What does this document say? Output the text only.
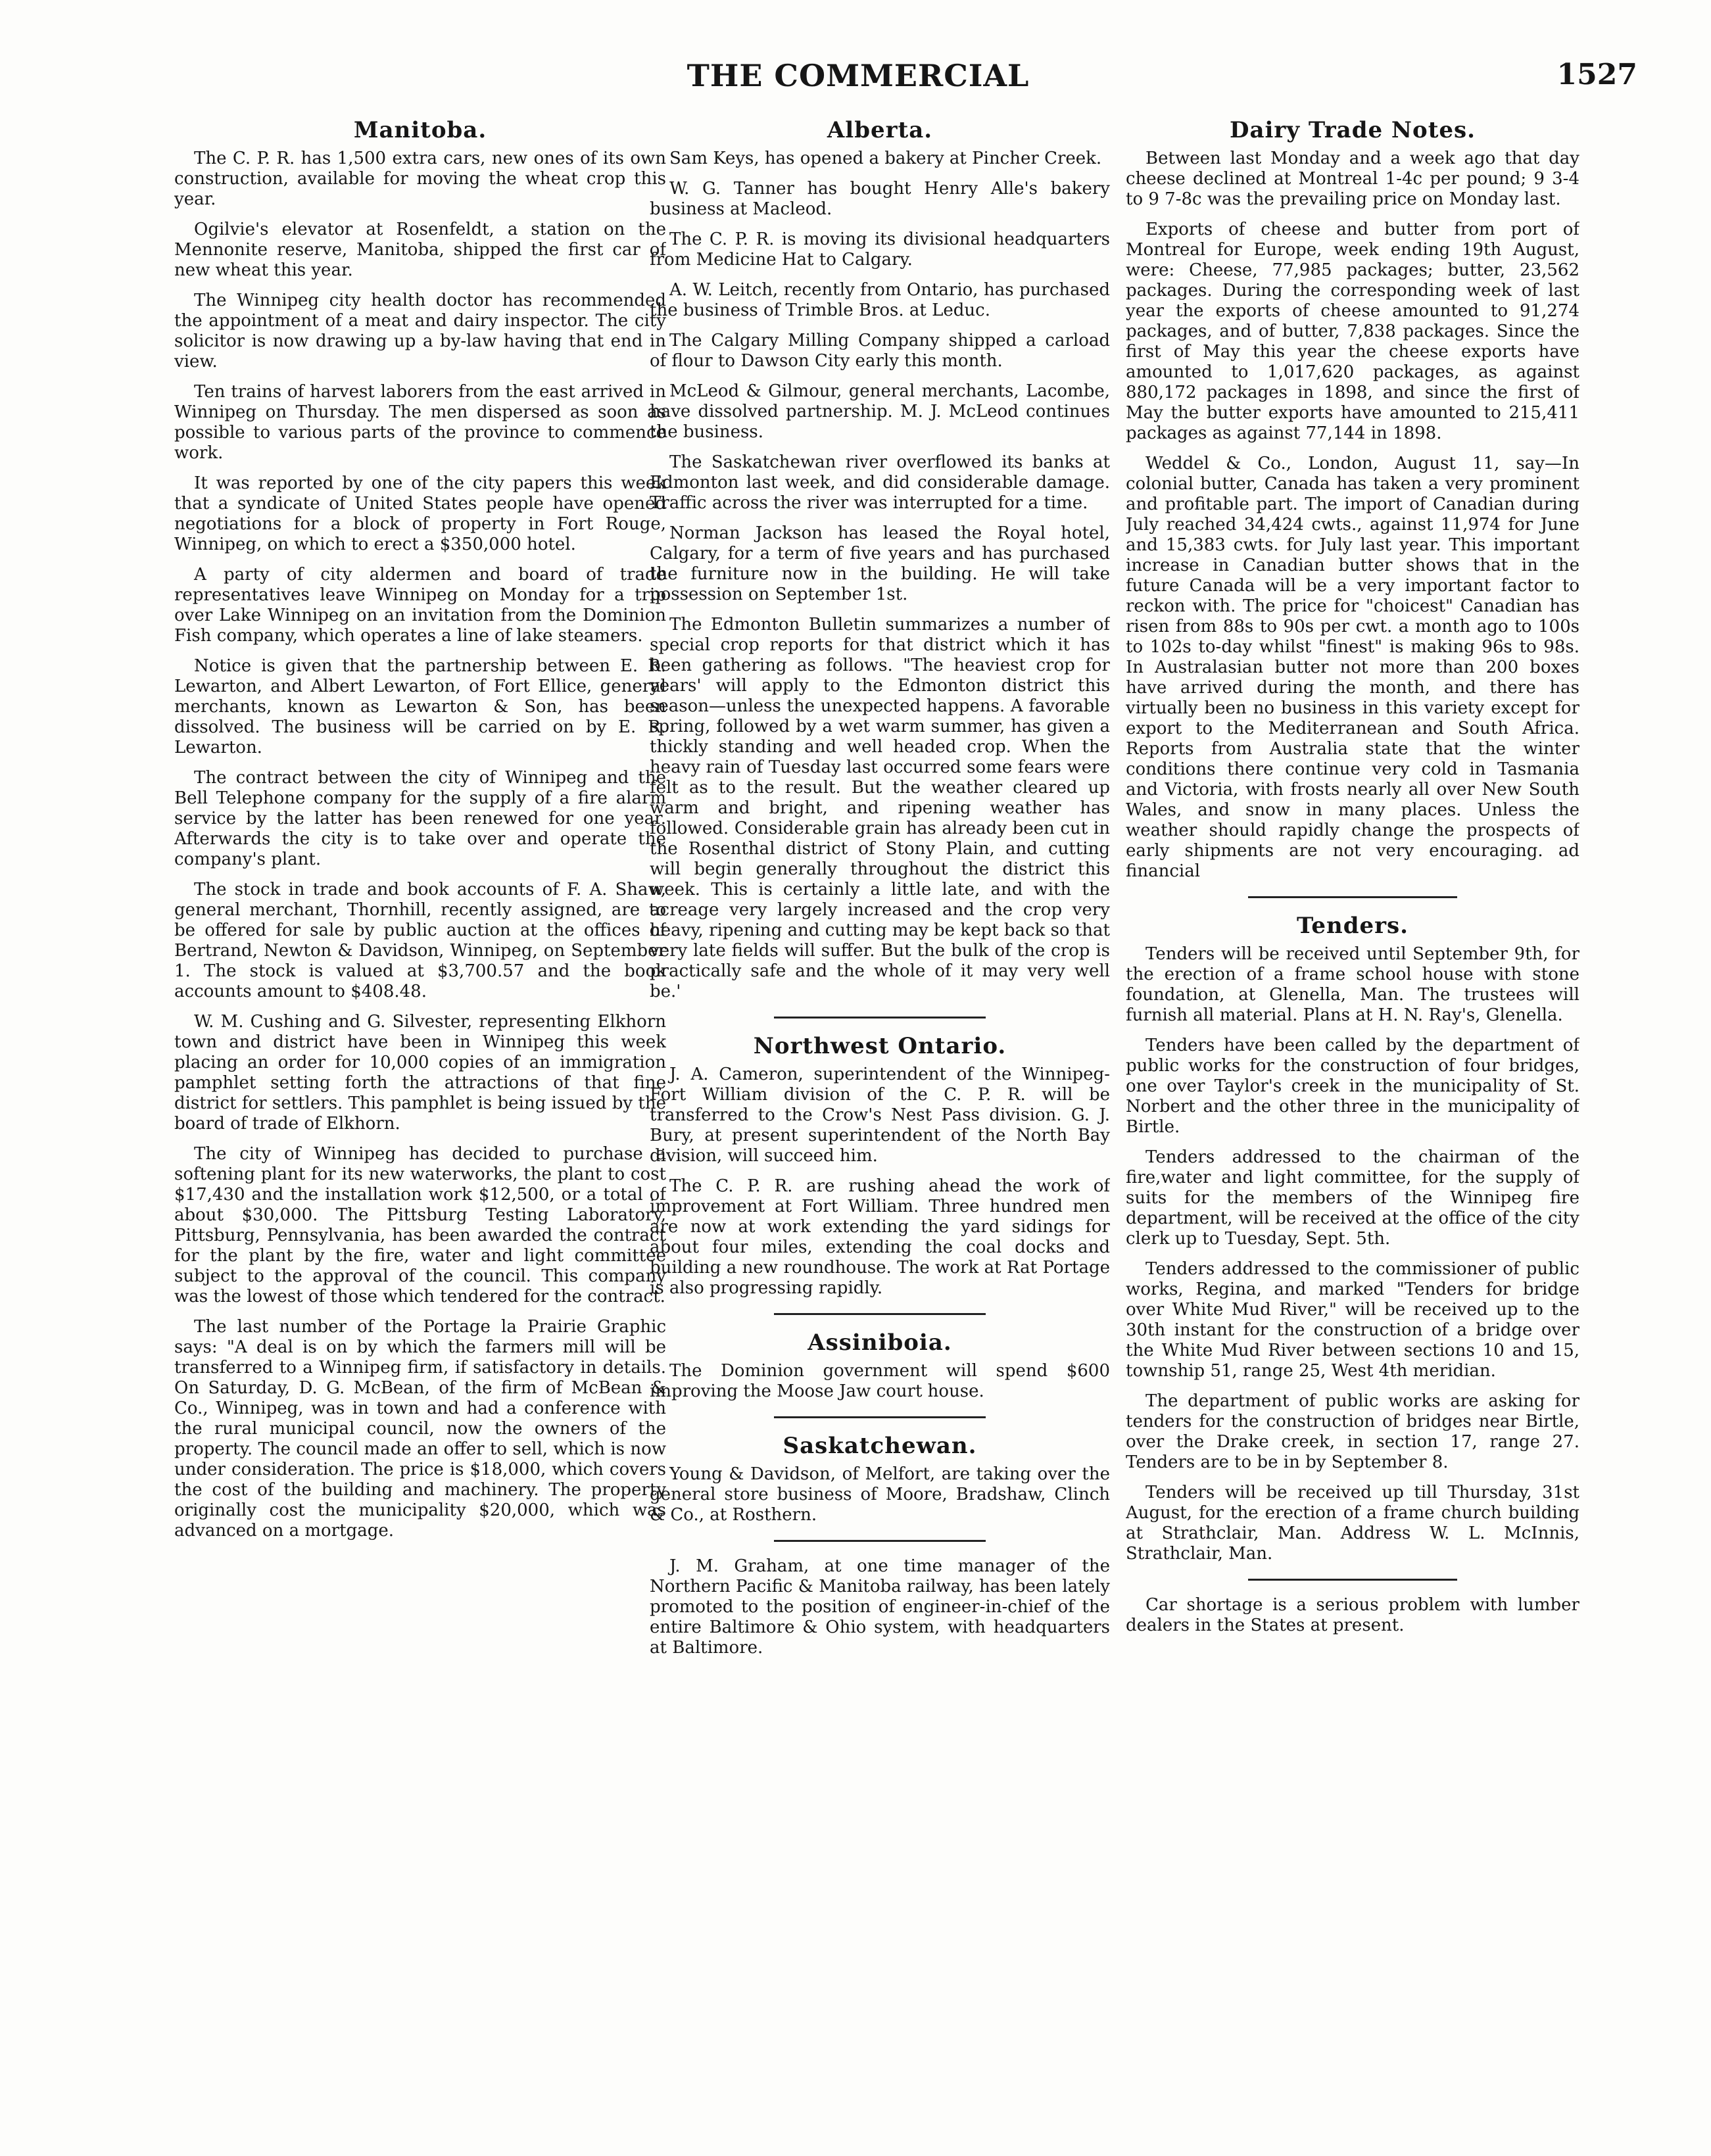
THE COMMERCIAL	1527
Manitoba.

The C. P. R. has 1,500 extra cars, new ones of its own construction, available for moving the wheat crop this year.

Ogilvie's elevator at Rosenfeldt, a station on the Mennonite reserve, Manitoba, shipped the first car of new wheat this year.

The Winnipeg city health doctor has recommended the appointment of a meat and dairy inspector. The city solicitor is now drawing up a by-law having that end in view.

Ten trains of harvest laborers from the east arrived in Winnipeg on Thursday. The men dispersed as soon as possible to various parts of the province to commence work.

It was reported by one of the city papers this week that a syndicate of United States people have opened negotiations for a block of property in Fort Rouge, Winnipeg, on which to erect a $350,000 hotel.

A party of city aldermen and board of trade representatives leave Winnipeg on Monday for a trip over Lake Winnipeg on an invitation from the Dominion Fish company, which operates a line of lake steamers.

Notice is given that the partnership between E. R. Lewarton, and Albert Lewarton, of Fort Ellice, general merchants, known as Lewarton & Son, has been dissolved. The business will be carried on by E. R. Lewarton.

The contract between the city of Winnipeg and the Bell Telephone company for the supply of a fire alarm service by the latter has been renewed for one year. Afterwards the city is to take over and operate the company's plant.

The stock in trade and book accounts of F. A. Shaw, general merchant, Thornhill, recently assigned, are to be offered for sale by public auction at the offices of Bertrand, Newton & Davidson, Winnipeg, on September 1. The stock is valued at $3,700.57 and the book accounts amount to $408.48.

W. M. Cushing and G. Silvester, representing Elkhorn town and district have been in Winnipeg this week placing an order for 10,000 copies of an immigration pamphlet setting forth the attractions of that fine district for settlers. This pamphlet is being issued by the board of trade of Elkhorn.

The city of Winnipeg has decided to purchase a softening plant for its new waterworks, the plant to cost $17,430 and the installation work $12,500, or a total of about $30,000. The Pittsburg Testing Laboratory, Pittsburg, Pennsylvania, has been awarded the contract for the plant by the fire, water and light committee subject to the approval of the council. This company was the lowest of those which tendered for the contract.

The last number of the Portage la Prairie Graphic says: "A deal is on by which the farmers mill will be transferred to a Winnipeg firm, if satisfactory in details. On Saturday, D. G. McBean, of the firm of McBean & Co., Winnipeg, was in town and had a conference with the rural municipal council, now the owners of the property. The council made an offer to sell, which is now under consideration. The price is $18,000, which covers the cost of the building and machinery. The property originally cost the municipality $20,000, which was advanced on a mortgage.

Alberta.

Sam Keys, has opened a bakery at Pincher Creek.

W. G. Tanner has bought Henry Alle's bakery business at Macleod.

The C. P. R. is moving its divisional headquarters from Medicine Hat to Calgary.

A. W. Leitch, recently from Ontario, has purchased the business of Trimble Bros. at Leduc.

The Calgary Milling Company shipped a carload of flour to Dawson City early this month.

McLeod & Gilmour, general merchants, Lacombe, have dissolved partnership. M. J. McLeod continues the business.

The Saskatchewan river overflowed its banks at Edmonton last week, and did considerable damage. Traffic across the river was interrupted for a time.

Norman Jackson has leased the Royal hotel, Calgary, for a term of five years and has purchased the furniture now in the building. He will take possession on September 1st.

The Edmonton Bulletin summarizes a number of special crop reports for that district which it has been gathering as follows. "The heaviest crop for years' will apply to the Edmonton district this season—unless the unexpected happens. A favorable spring, followed by a wet warm summer, has given a thickly standing and well headed crop. When the heavy rain of Tuesday last occurred some fears were felt as to the result. But the weather cleared up warm and bright, and ripening weather has followed. Considerable grain has already been cut in the Rosenthal district of Stony Plain, and cutting will begin generally throughout the district this week. This is certainly a little late, and with the acreage very largely increased and the crop very heavy, ripening and cutting may be kept back so that very late fields will suffer. But the bulk of the crop is practically safe and the whole of it may very well be.'

Northwest Ontario.

J. A. Cameron, superintendent of the Winnipeg-Fort William division of the C. P. R. will be transferred to the Crow's Nest Pass division. G. J. Bury, at present superintendent of the North Bay division, will succeed him.

The C. P. R. are rushing ahead the work of improvement at Fort William. Three hundred men are now at work extending the yard sidings for about four miles, extending the coal docks and building a new roundhouse. The work at Rat Portage is also progressing rapidly.

Assiniboia.

The Dominion government will spend $600 improving the Moose Jaw court house.

Saskatchewan.

Young & Davidson, of Melfort, are taking over the general store business of Moore, Bradshaw, Clinch & Co., at Rosthern.

J. M. Graham, at one time manager of the Northern Pacific & Manitoba railway, has been lately promoted to the position of engineer-in-chief of the entire Baltimore & Ohio system, with headquarters at Baltimore.

Dairy Trade Notes.

Between last Monday and a week ago that day cheese declined at Montreal 1-4c per pound; 9 3-4 to 9 7-8c was the prevailing price on Monday last.

Exports of cheese and butter from port of Montreal for Europe, week ending 19th August, were: Cheese, 77,985 packages; butter, 23,562 packages. During the corresponding week of last year the exports of cheese amounted to 91,274 packages, and of butter, 7,838 packages. Since the first of May this year the cheese exports have amounted to 1,017,620 packages, as against 880,172 packages in 1898, and since the first of May the butter exports have amounted to 215,411 packages as against 77,144 in 1898.

Weddel & Co., London, August 11, say—In colonial butter, Canada has taken a very prominent and profitable part. The import of Canadian during July reached 34,424 cwts., against 11,974 for June and 15,383 cwts. for July last year. This important increase in Canadian butter shows that in the future Canada will be a very important factor to reckon with. The price for "choicest" Canadian has risen from 88s to 90s per cwt. a month ago to 100s to 102s to-day whilst "finest" is making 96s to 98s. In Australasian butter not more than 200 boxes have arrived during the month, and there has virtually been no business in this variety except for export to the Mediterranean and South Africa. Reports from Australia state that the winter conditions there continue very cold in Tasmania and Victoria, with frosts nearly all over New South Wales, and snow in many places. Unless the weather should rapidly change the prospects of early shipments are not very encouraging. ad financial

Tenders.

Tenders will be received until September 9th, for the erection of a frame school house with stone foundation, at Glenella, Man. The trustees will furnish all material. Plans at H. N. Ray's, Glenella.

Tenders have been called by the department of public works for the construction of four bridges, one over Taylor's creek in the municipality of St. Norbert and the other three in the municipality of Birtle.

Tenders addressed to the chairman of the fire,water and light committee, for the supply of suits for the members of the Winnipeg fire department, will be received at the office of the city clerk up to Tuesday, Sept. 5th.

Tenders addressed to the commissioner of public works, Regina, and marked "Tenders for bridge over White Mud River," will be received up to the 30th instant for the construction of a bridge over the White Mud River between sections 10 and 15, township 51, range 25, West 4th meridian.

The department of public works are asking for tenders for the construction of bridges near Birtle, over the Drake creek, in section 17, range 27. Tenders are to be in by September 8.

Tenders will be received up till Thursday, 31st August, for the erection of a frame church building at Strathclair, Man. Address W. L. McInnis, Strathclair, Man.

Car shortage is a serious problem with lumber dealers in the States at present.
